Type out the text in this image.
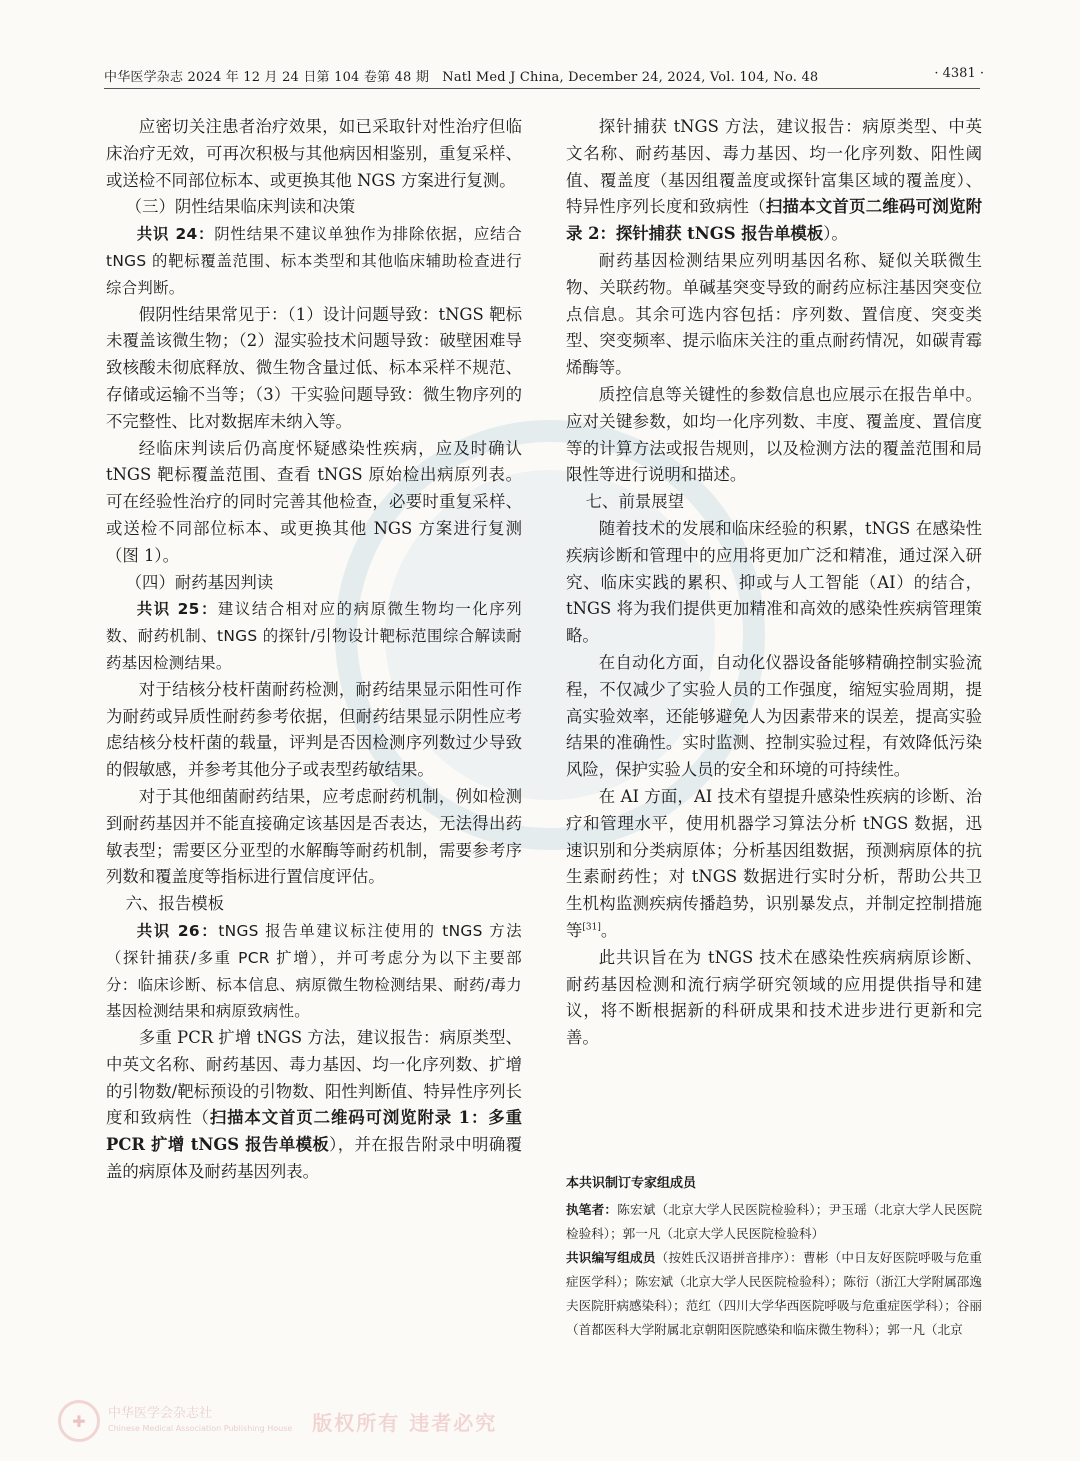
中华医学杂志 2024 年 12 月 24 日第 104 卷第 48 期　Natl Med J China, December 24, 2024, Vol. 104, No. 48	· 4381 ·

应密切关注患者治疗效果，如已采取针对性治疗但临床治疗无效，可再次积极与其他病因相鉴别，重复采样、或送检不同部位标本、或更换其他 NGS 方案进行复测。

（三）阴性结果临床判读和决策

共识 24：阴性结果不建议单独作为排除依据，应结合 tNGS 的靶标覆盖范围、标本类型和其他临床辅助检查进行综合判断。

假阴性结果常见于：（1）设计问题导致：tNGS 靶标未覆盖该微生物；（2）湿实验技术问题导致：破壁困难导致核酸未彻底释放、微生物含量过低、标本采样不规范、存储或运输不当等；（3）干实验问题导致：微生物序列的不完整性、比对数据库未纳入等。

经临床判读后仍高度怀疑感染性疾病，应及时确认 tNGS 靶标覆盖范围、查看 tNGS 原始检出病原列表。可在经验性治疗的同时完善其他检查，必要时重复采样、或送检不同部位标本、或更换其他 NGS 方案进行复测（图 1）。

（四）耐药基因判读

共识 25：建议结合相对应的病原微生物均一化序列数、耐药机制、tNGS 的探针/引物设计靶标范围综合解读耐药基因检测结果。

对于结核分枝杆菌耐药检测，耐药结果显示阳性可作为耐药或异质性耐药参考依据，但耐药结果显示阴性应考虑结核分枝杆菌的载量，评判是否因检测序列数过少导致的假敏感，并参考其他分子或表型药敏结果。

对于其他细菌耐药结果，应考虑耐药机制，例如检测到耐药基因并不能直接确定该基因是否表达，无法得出药敏表型；需要区分亚型的水解酶等耐药机制，需要参考序列数和覆盖度等指标进行置信度评估。

六、报告模板

共识 26：tNGS 报告单建议标注使用的 tNGS 方法（探针捕获/多重 PCR 扩增），并可考虑分为以下主要部分：临床诊断、标本信息、病原微生物检测结果、耐药/毒力基因检测结果和病原致病性。

多重 PCR 扩增 tNGS 方法，建议报告：病原类型、中英文名称、耐药基因、毒力基因、均一化序列数、扩增的引物数/靶标预设的引物数、阳性判断值、特异性序列长度和致病性（扫描本文首页二维码可浏览附录 1：多重 PCR 扩增 tNGS 报告单模板），并在报告附录中明确覆盖的病原体及耐药基因列表。

探针捕获 tNGS 方法，建议报告：病原类型、中英文名称、耐药基因、毒力基因、均一化序列数、阳性阈值、覆盖度（基因组覆盖度或探针富集区域的覆盖度）、特异性序列长度和致病性（扫描本文首页二维码可浏览附录 2：探针捕获 tNGS 报告单模板）。

耐药基因检测结果应列明基因名称、疑似关联微生物、关联药物。单碱基突变导致的耐药应标注基因突变位点信息。其余可选内容包括：序列数、置信度、突变类型、突变频率、提示临床关注的重点耐药情况，如碳青霉烯酶等。

质控信息等关键性的参数信息也应展示在报告单中。应对关键参数，如均一化序列数、丰度、覆盖度、置信度等的计算方法或报告规则，以及检测方法的覆盖范围和局限性等进行说明和描述。

七、前景展望

随着技术的发展和临床经验的积累，tNGS 在感染性疾病诊断和管理中的应用将更加广泛和精准，通过深入研究、临床实践的累积、抑或与人工智能（AI）的结合，tNGS 将为我们提供更加精准和高效的感染性疾病管理策略。

在自动化方面，自动化仪器设备能够精确控制实验流程，不仅减少了实验人员的工作强度，缩短实验周期，提高实验效率，还能够避免人为因素带来的误差，提高实验结果的准确性。实时监测、控制实验过程，有效降低污染风险，保护实验人员的安全和环境的可持续性。

在 AI 方面，AI 技术有望提升感染性疾病的诊断、治疗和管理水平，使用机器学习算法分析 tNGS 数据，迅速识别和分类病原体；分析基因组数据，预测病原体的抗生素耐药性；对 tNGS 数据进行实时分析，帮助公共卫生机构监测疾病传播趋势，识别暴发点，并制定控制措施等[31]。

此共识旨在为 tNGS 技术在感染性疾病病原诊断、耐药基因检测和流行病学研究领域的应用提供指导和建议，将不断根据新的科研成果和技术进步进行更新和完善。

本共识制订专家组成员

执笔者：陈宏斌（北京大学人民医院检验科）；尹玉瑶（北京大学人民医院检验科）；郭一凡（北京大学人民医院检验科）

共识编写组成员（按姓氏汉语拼音排序）：曹彬（中日友好医院呼吸与危重症医学科）；陈宏斌（北京大学人民医院检验科）；陈衍（浙江大学附属邵逸夫医院肝病感染科）；范红（四川大学华西医院呼吸与危重症医学科）；谷丽（首都医科大学附属北京朝阳医院感染和临床微生物科）；郭一凡（北京

✚	中华医学会杂志社
Chinese Medical Association Publishing House 版权所有 违者必究
